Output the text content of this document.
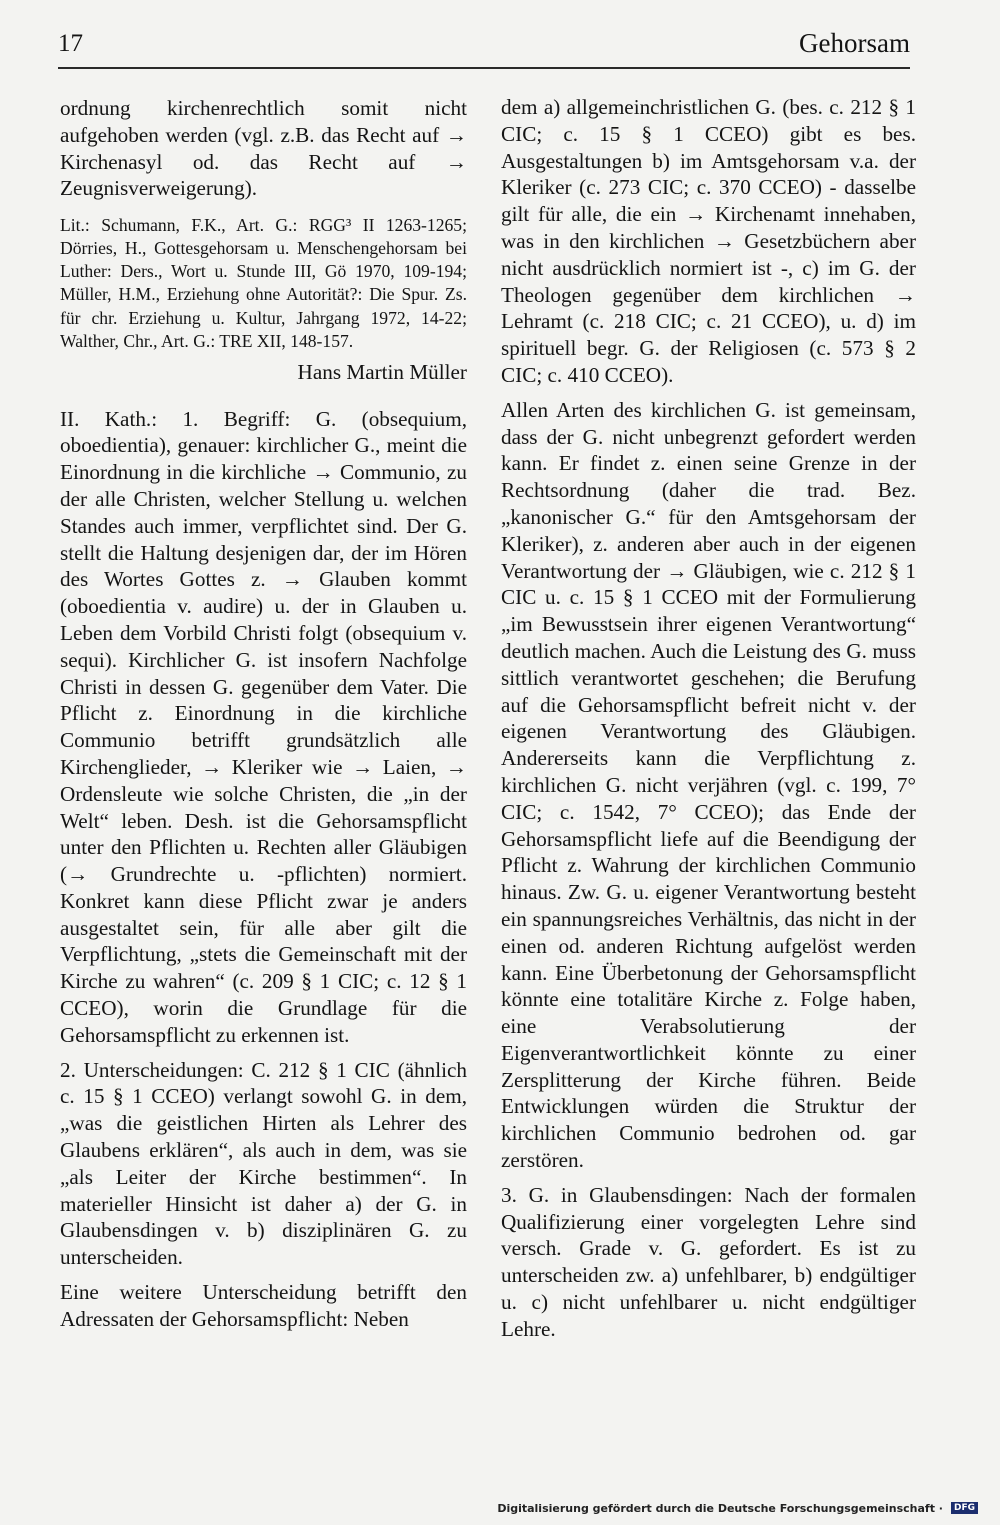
17	Gehorsam

ordnung kirchenrechtlich somit nicht aufgehoben werden (vgl. z.B. das Recht auf → Kirchenasyl od. das Recht auf → Zeugnisverweigerung).

Lit.: Schumann, F.K., Art. G.: RGG³ II 1263-1265; Dörries, H., Gottesgehorsam u. Menschengehorsam bei Luther: Ders., Wort u. Stunde III, Gö 1970, 109-194; Müller, H.M., Erziehung ohne Autorität?: Die Spur. Zs. für chr. Erziehung u. Kultur, Jahrgang 1972, 14-22; Walther, Chr., Art. G.: TRE XII, 148-157.

Hans Martin Müller

II. Kath.: 1. Begriff: G. (obsequium, oboedientia), genauer: kirchlicher G., meint die Einordnung in die kirchliche → Communio, zu der alle Christen, welcher Stellung u. welchen Standes auch immer, verpflichtet sind. Der G. stellt die Haltung desjenigen dar, der im Hören des Wortes Gottes z. → Glauben kommt (oboedientia v. audire) u. der in Glauben u. Leben dem Vorbild Christi folgt (obsequium v. sequi). Kirchlicher G. ist insofern Nachfolge Christi in dessen G. gegenüber dem Vater. Die Pflicht z. Einordnung in die kirchliche Communio betrifft grundsätzlich alle Kirchenglieder, → Kleriker wie → Laien, → Ordensleute wie solche Christen, die „in der Welt“ leben. Desh. ist die Gehorsamspflicht unter den Pflichten u. Rechten aller Gläubigen (→ Grundrechte u. -pflichten) normiert. Konkret kann diese Pflicht zwar je anders ausgestaltet sein, für alle aber gilt die Verpflichtung, „stets die Gemeinschaft mit der Kirche zu wahren“ (c. 209 § 1 CIC; c. 12 § 1 CCEO), worin die Grundlage für die Gehorsamspflicht zu erkennen ist.

2. Unterscheidungen: C. 212 § 1 CIC (ähnlich c. 15 § 1 CCEO) verlangt sowohl G. in dem, „was die geistlichen Hirten als Lehrer des Glaubens erklären“, als auch in dem, was sie „als Leiter der Kirche bestimmen“. In materieller Hinsicht ist daher a) der G. in Glaubensdingen v. b) disziplinären G. zu unterscheiden.

Eine weitere Unterscheidung betrifft den Adressaten der Gehorsamspflicht: Neben

dem a) allgemeinchristlichen G. (bes. c. 212 § 1 CIC; c. 15 § 1 CCEO) gibt es bes. Ausgestaltungen b) im Amtsgehorsam v.a. der Kleriker (c. 273 CIC; c. 370 CCEO) - dasselbe gilt für alle, die ein → Kirchenamt innehaben, was in den kirchlichen → Gesetzbüchern aber nicht ausdrücklich normiert ist -, c) im G. der Theologen gegenüber dem kirchlichen → Lehramt (c. 218 CIC; c. 21 CCEO), u. d) im spirituell begr. G. der Religiosen (c. 573 § 2 CIC; c. 410 CCEO).

Allen Arten des kirchlichen G. ist gemeinsam, dass der G. nicht unbegrenzt gefordert werden kann. Er findet z. einen seine Grenze in der Rechtsordnung (daher die trad. Bez. „kanonischer G.“ für den Amtsgehorsam der Kleriker), z. anderen aber auch in der eigenen Verantwortung der → Gläubigen, wie c. 212 § 1 CIC u. c. 15 § 1 CCEO mit der Formulierung „im Bewusstsein ihrer eigenen Verantwortung“ deutlich machen. Auch die Leistung des G. muss sittlich verantwortet geschehen; die Berufung auf die Gehorsamspflicht befreit nicht v. der eigenen Verantwortung des Gläubigen. Andererseits kann die Verpflichtung z. kirchlichen G. nicht verjähren (vgl. c. 199, 7° CIC; c. 1542, 7° CCEO); das Ende der Gehorsamspflicht liefe auf die Beendigung der Pflicht z. Wahrung der kirchlichen Communio hinaus. Zw. G. u. eigener Verantwortung besteht ein spannungsreiches Verhältnis, das nicht in der einen od. anderen Richtung aufgelöst werden kann. Eine Überbetonung der Gehorsamspflicht könnte eine totalitäre Kirche z. Folge haben, eine Verabsolutierung der Eigenverantwortlichkeit könnte zu einer Zersplitterung der Kirche führen. Beide Entwicklungen würden die Struktur der kirchlichen Communio bedrohen od. gar zerstören.

3. G. in Glaubensdingen: Nach der formalen Qualifizierung einer vorgelegten Lehre sind versch. Grade v. G. gefordert. Es ist zu unterscheiden zw. a) unfehlbarer, b) endgültiger u. c) nicht unfehlbarer u. nicht endgültiger Lehre.

Digitalisierung gefördert durch die Deutsche Forschungsgemeinschaft · DFG
